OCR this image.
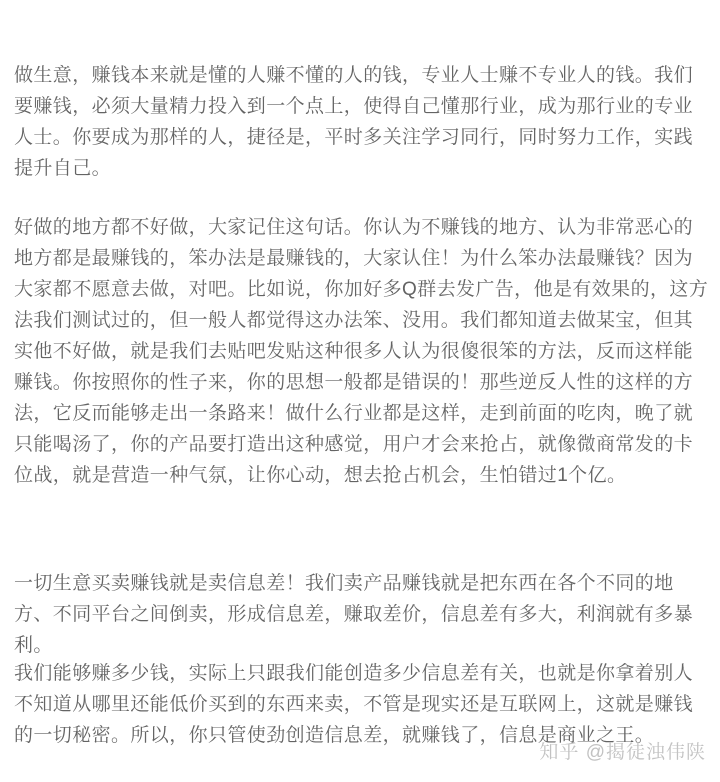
做生意，赚钱本来就是懂的人赚不懂的人的钱，专业人士赚不专业人的钱。我们要赚钱，必须大量精力投入到一个点上，使得自己懂那行业，成为那行业的专业人士。你要成为那样的人，捷径是，平时多关注学习同行，同时努力工作，实践提升自己。

好做的地方都不好做，大家记住这句话。你认为不赚钱的地方、认为非常恶心的地方都是最赚钱的，笨办法是最赚钱的，大家认住！为什么笨办法最赚钱？因为大家都不愿意去做，对吧。比如说，你加好多Q群去发广告，他是有效果的，这方法我们测试过的，但一般人都觉得这办法笨、没用。我们都知道去做某宝，但其实他不好做，就是我们去贴吧发贴这种很多人认为很傻很笨的方法，反而这样能赚钱。你按照你的性子来，你的思想一般都是错误的！那些逆反人性的这样的方法，它反而能够走出一条路来！做什么行业都是这样，走到前面的吃肉，晚了就只能喝汤了，你的产品要打造出这种感觉，用户才会来抢占，就像微商常发的卡位战，就是营造一种气氛，让你心动，想去抢占机会，生怕错过1个亿。

一切生意买卖赚钱就是卖信息差！我们卖产品赚钱就是把东西在各个不同的地方、不同平台之间倒卖，形成信息差，赚取差价，信息差有多大，利润就有多暴利。

我们能够赚多少钱，实际上只跟我们能创造多少信息差有关，也就是你拿着别人不知道从哪里还能低价买到的东西来卖，不管是现实还是互联网上，这就是赚钱的一切秘密。所以，你只管使劲创造信息差，就赚钱了，信息是商业之王。

知乎 @揭徒浊伟陕
